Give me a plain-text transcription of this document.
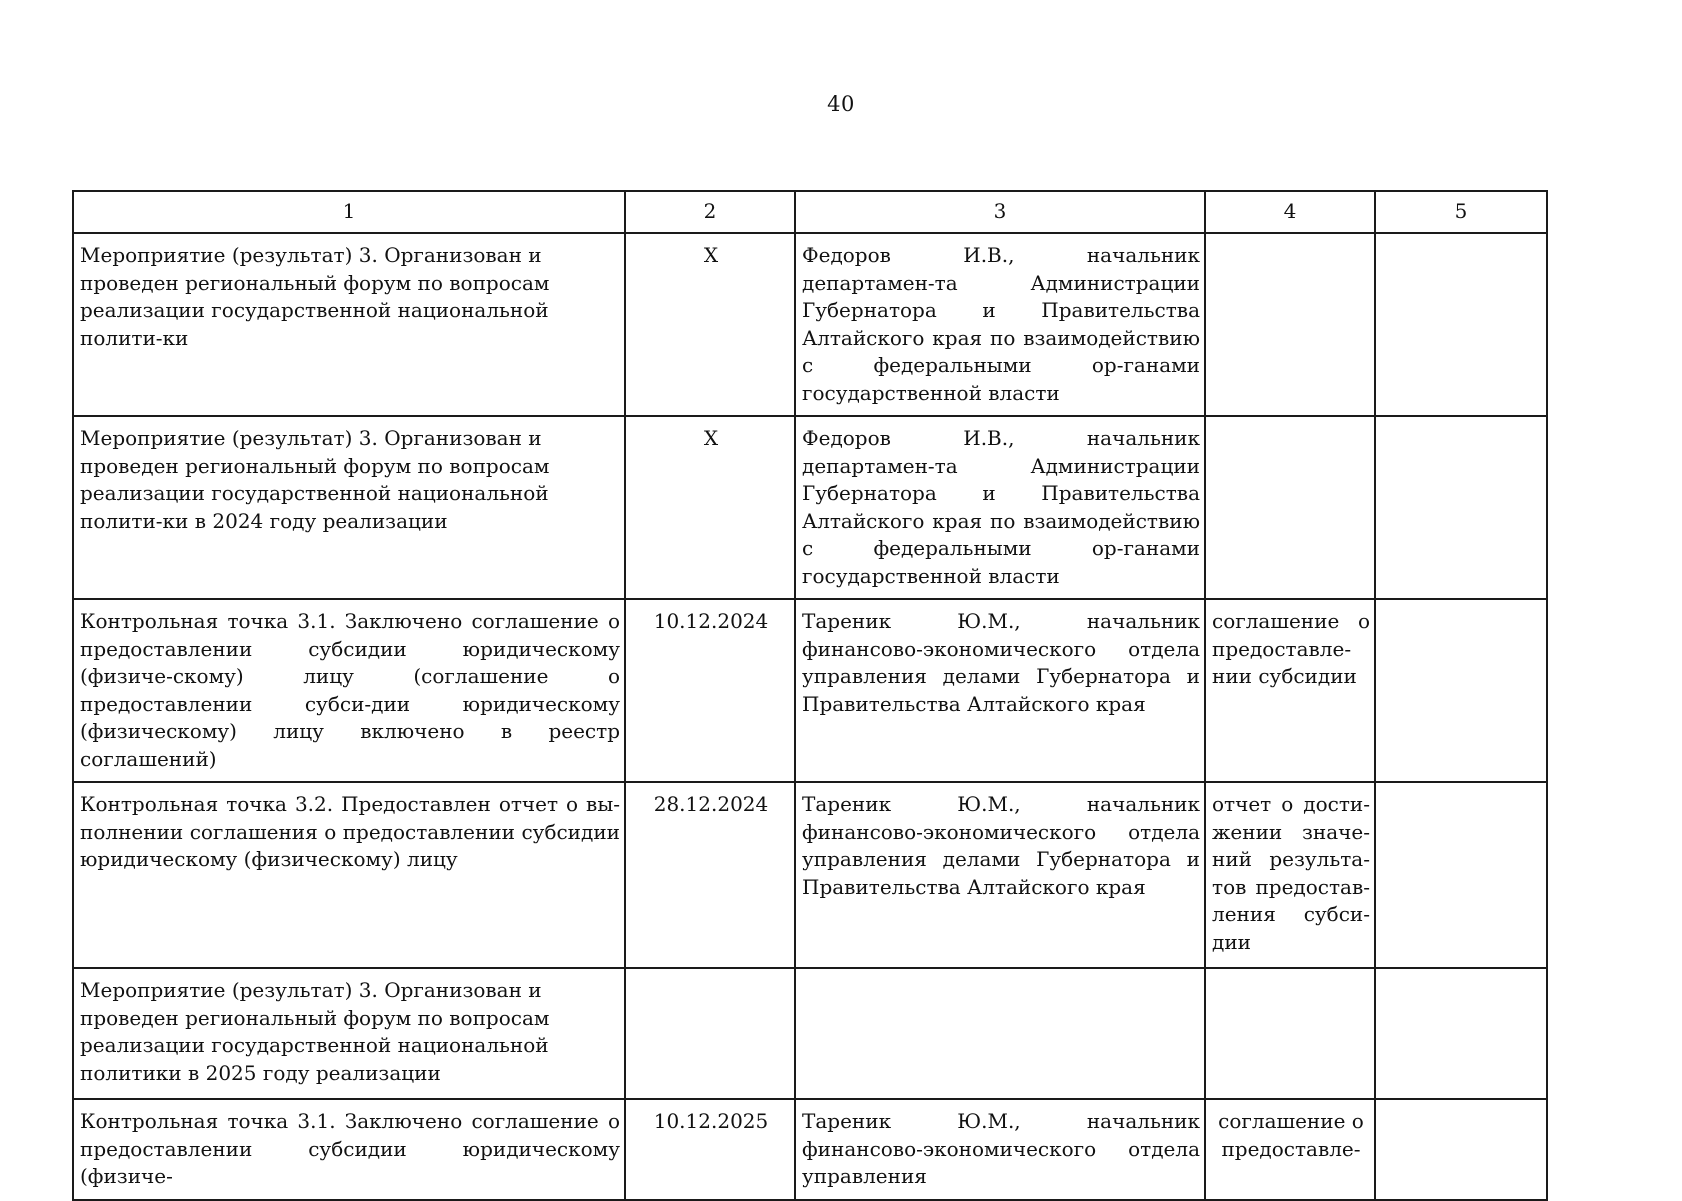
40
1	2	3	4	5
Мероприятие (результат) 3. Организован и проведен региональный форум по вопросам реализации государственной национальной полити-ки	X	Федоров И.В., начальник департамен-та Администрации Губернатора и Правительства Алтайского края по взаимодействию с федеральными ор-ганами государственной власти		
Мероприятие (результат) 3. Организован и проведен региональный форум по вопросам реализации государственной национальной полити-ки в 2024 году реализации	X	Федоров И.В., начальник департамен-та Администрации Губернатора и Правительства Алтайского края по взаимодействию с федеральными ор-ганами государственной власти		
Контрольная точка 3.1. Заключено соглашение о предоставлении субсидии юридическому (физиче-скому) лицу (соглашение о предоставлении субси-дии юридическому (физическому) лицу включено в реестр соглашений)	10.12.2024	Тареник Ю.М., начальник финансово-экономического отдела управления делами Губернатора и Правительства Алтайского края	соглашение о предоставле-нии субсидии	
Контрольная точка 3.2. Предоставлен отчет о вы-полнении соглашения о предоставлении субсидии юридическому (физическому) лицу	28.12.2024	Тареник Ю.М., начальник финансово-экономического отдела управления делами Губернатора и Правительства Алтайского края	отчет о дости-жении значе-ний результа-тов предостав-ления субси-дии	
Мероприятие (результат) 3. Организован и проведен региональный форум по вопросам реализации государственной национальной политики в 2025 году реализации				
Контрольная точка 3.1. Заключено соглашение о предоставлении субсидии юридическому (физиче-	10.12.2025	Тареник Ю.М., начальник финансово-экономического отдела управления	соглашение о предоставле-	
